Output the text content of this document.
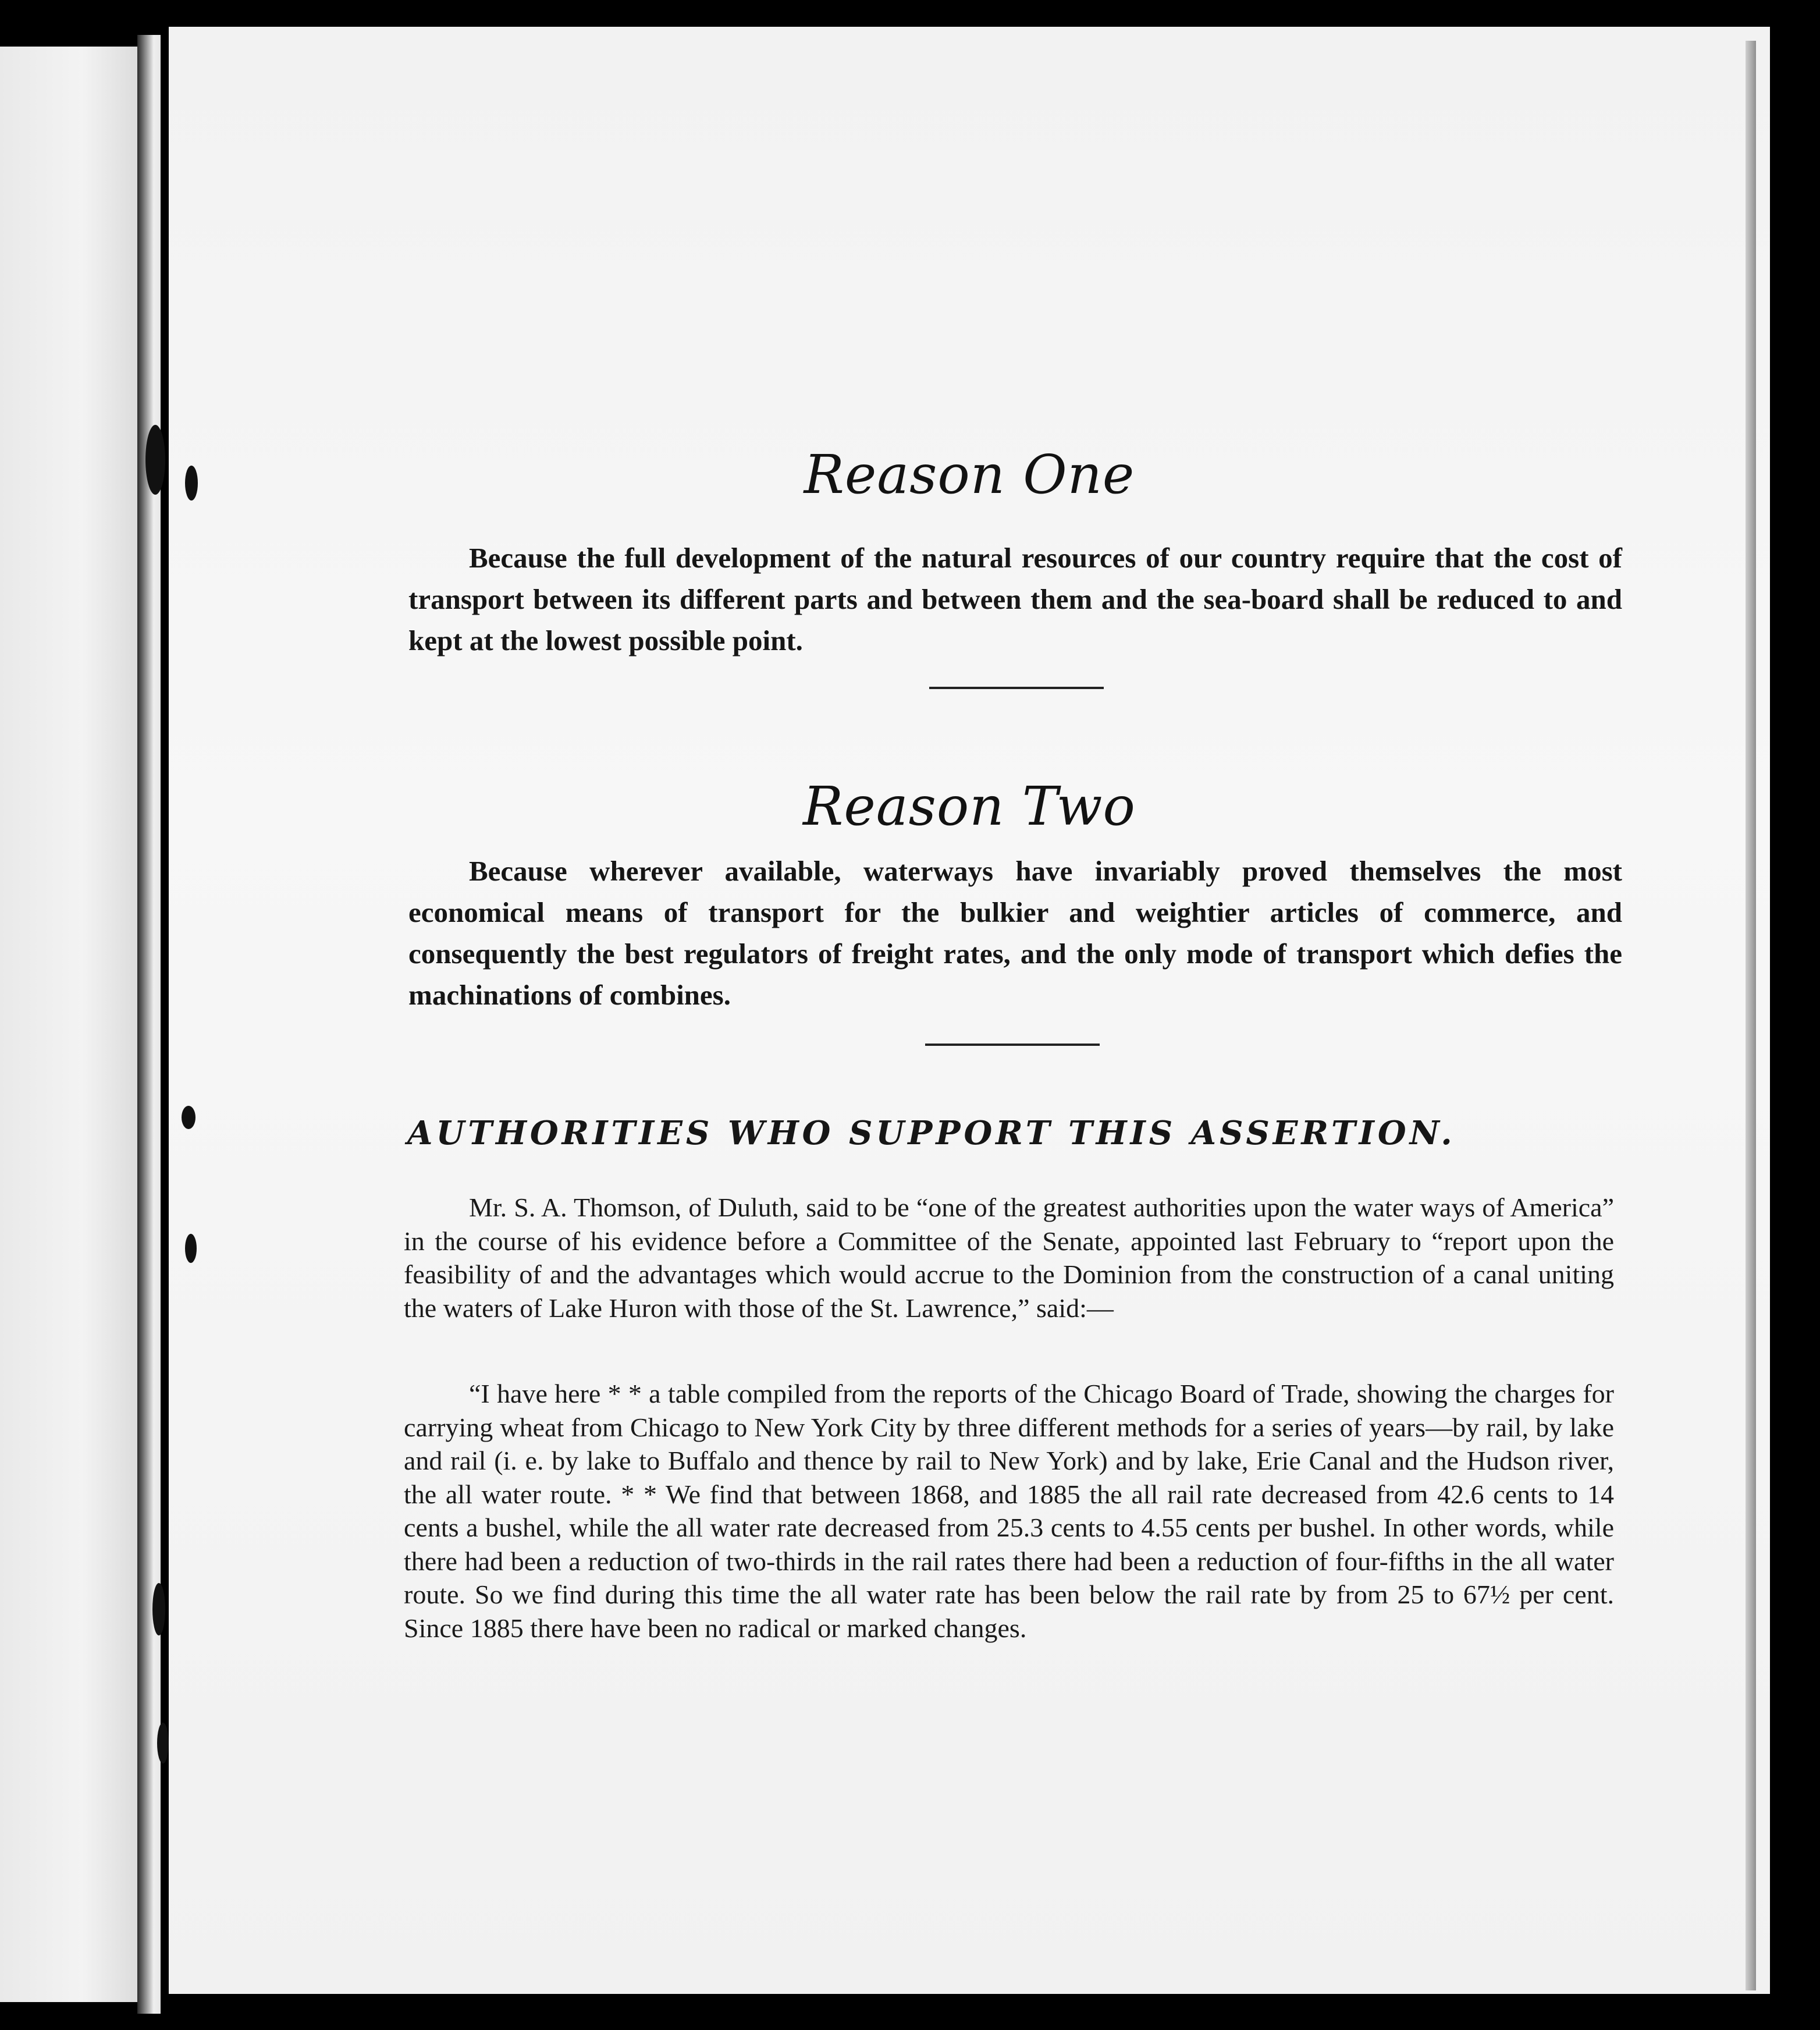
Reason One

Because the full development of the natural resources of our country require that the cost of transport between its different parts and between them and the sea-board shall be reduced to and kept at the lowest possible point.

Reason Two

Because wherever available, waterways have invariably proved themselves the most economical means of transport for the bulkier and weightier articles of commerce, and consequently the best regulators of freight rates, and the only mode of transport which defies the machinations of combines.

AUTHORITIES WHO SUPPORT THIS ASSERTION.

Mr. S. A. Thomson, of Duluth, said to be “one of the greatest authorities upon the water ways of America” in the course of his evidence before a Committee of the Senate, appointed last February to “report upon the feasibility of and the advantages which would accrue to the Dominion from the construction of a canal uniting the waters of Lake Huron with those of the St. Lawrence,” said:—

“I have here * * a table compiled from the reports of the Chicago Board of Trade, showing the charges for carrying wheat from Chicago to New York City by three different methods for a series of years—by rail, by lake and rail (i. e. by lake to Buffalo and thence by rail to New York) and by lake, Erie Canal and the Hudson river, the all water route. * * We find that between 1868, and 1885 the all rail rate decreased from 42.6 cents to 14 cents a bushel, while the all water rate decreased from 25.3 cents to 4.55 cents per bushel. In other words, while there had been a reduction of two-thirds in the rail rates there had been a reduction of four-fifths in the all water route. So we find during this time the all water rate has been below the rail rate by from 25 to 67½ per cent. Since 1885 there have been no radical or marked changes.
